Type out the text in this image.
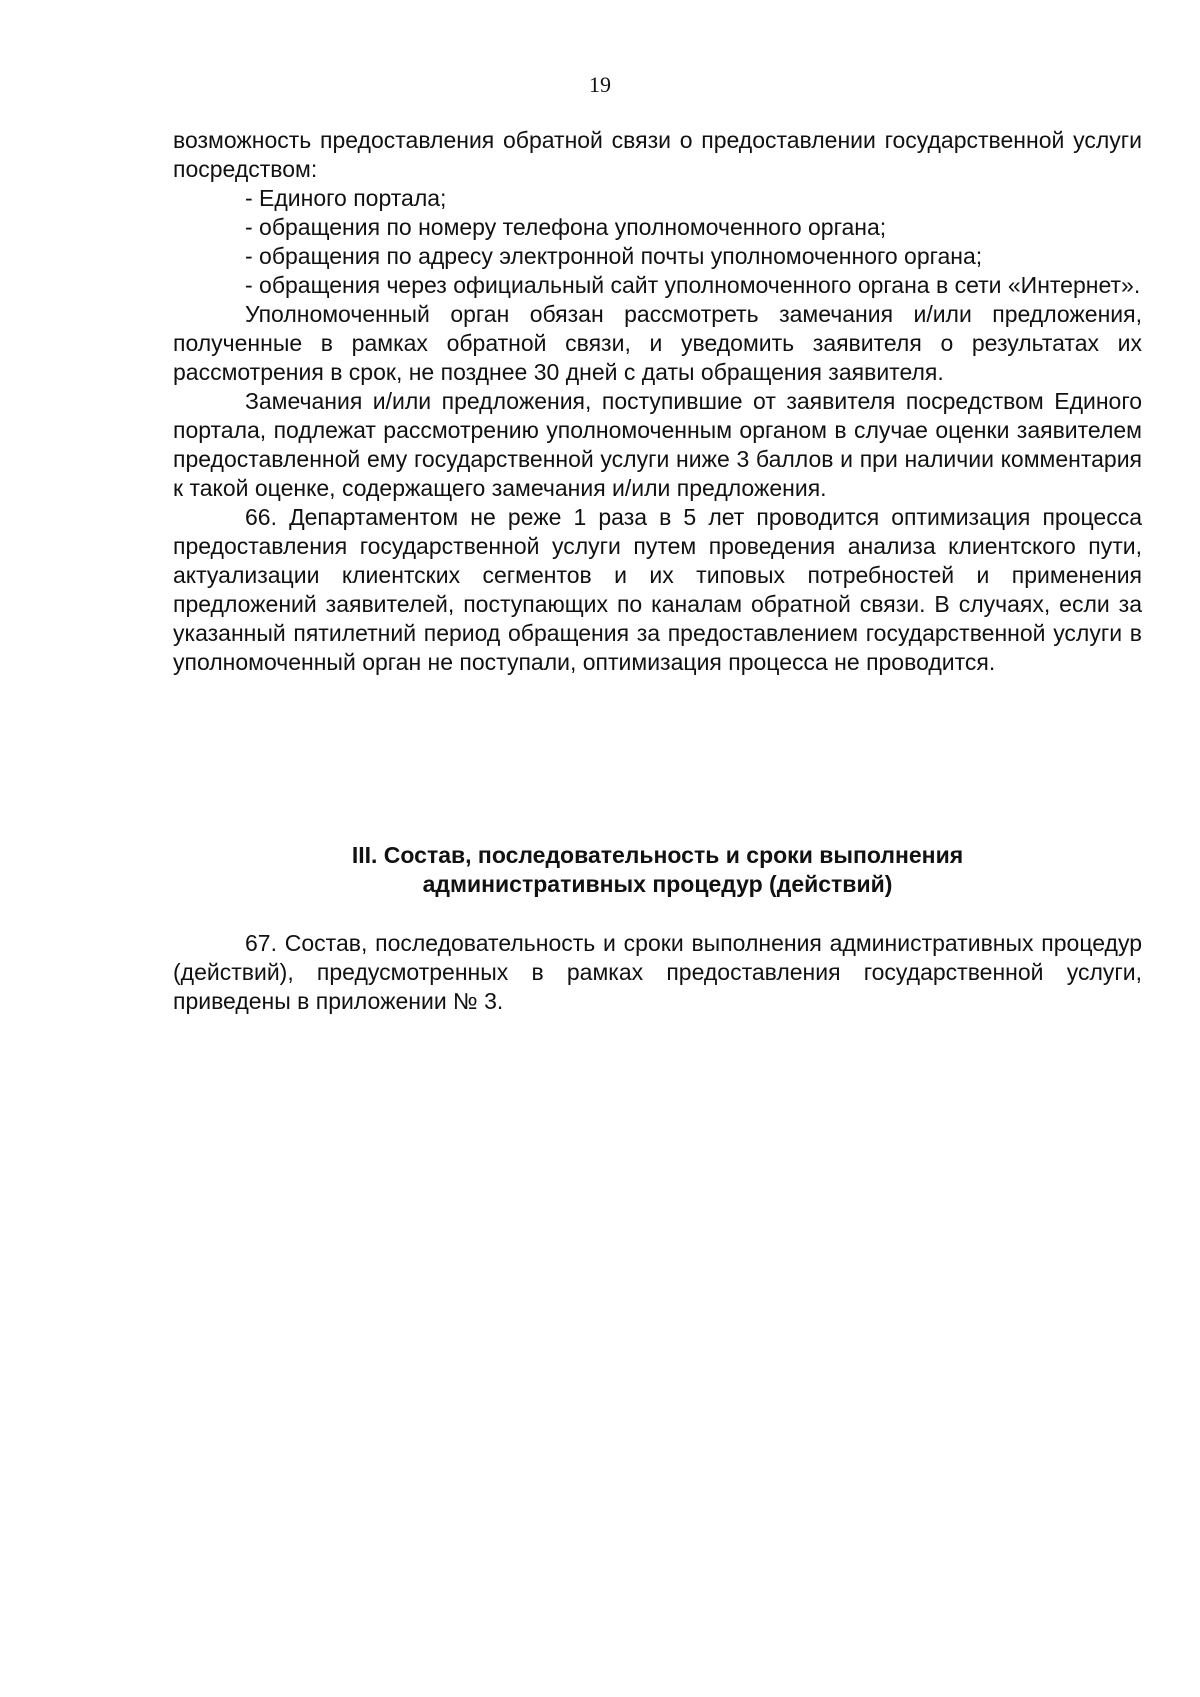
19

возможность предоставления обратной связи о предоставлении государственной услуги посредством:

- Единого портала;

- обращения по номеру телефона уполномоченного органа;

- обращения по адресу электронной почты уполномоченного органа;

- обращения через официальный сайт уполномоченного органа в сети «Интернет».

Уполномоченный орган обязан рассмотреть замечания и/или предложения, полученные в рамках обратной связи, и уведомить заявителя о результатах их рассмотрения в срок, не позднее 30 дней с даты обращения заявителя.

Замечания и/или предложения, поступившие от заявителя посредством Единого портала, подлежат рассмотрению уполномоченным органом в случае оценки заявителем предоставленной ему государственной услуги ниже 3 баллов и при наличии комментария к такой оценке, содержащего замечания и/или предложения.

66. Департаментом не реже 1 раза в 5 лет проводится оптимизация процесса предоставления государственной услуги путем проведения анализа клиентского пути, актуализации клиентских сегментов и их типовых потребностей и применения предложений заявителей, поступающих по каналам обратной связи. В случаях, если за указанный пятилетний период обращения за предоставлением государственной услуги в уполномоченный орган не поступали, оптимизация процесса не проводится.

III. Состав, последовательность и сроки выполнения
административных процедур (действий)

67. Состав, последовательность и сроки выполнения административных процедур (действий), предусмотренных в рамках предоставления государственной услуги, приведены в приложении № 3.
